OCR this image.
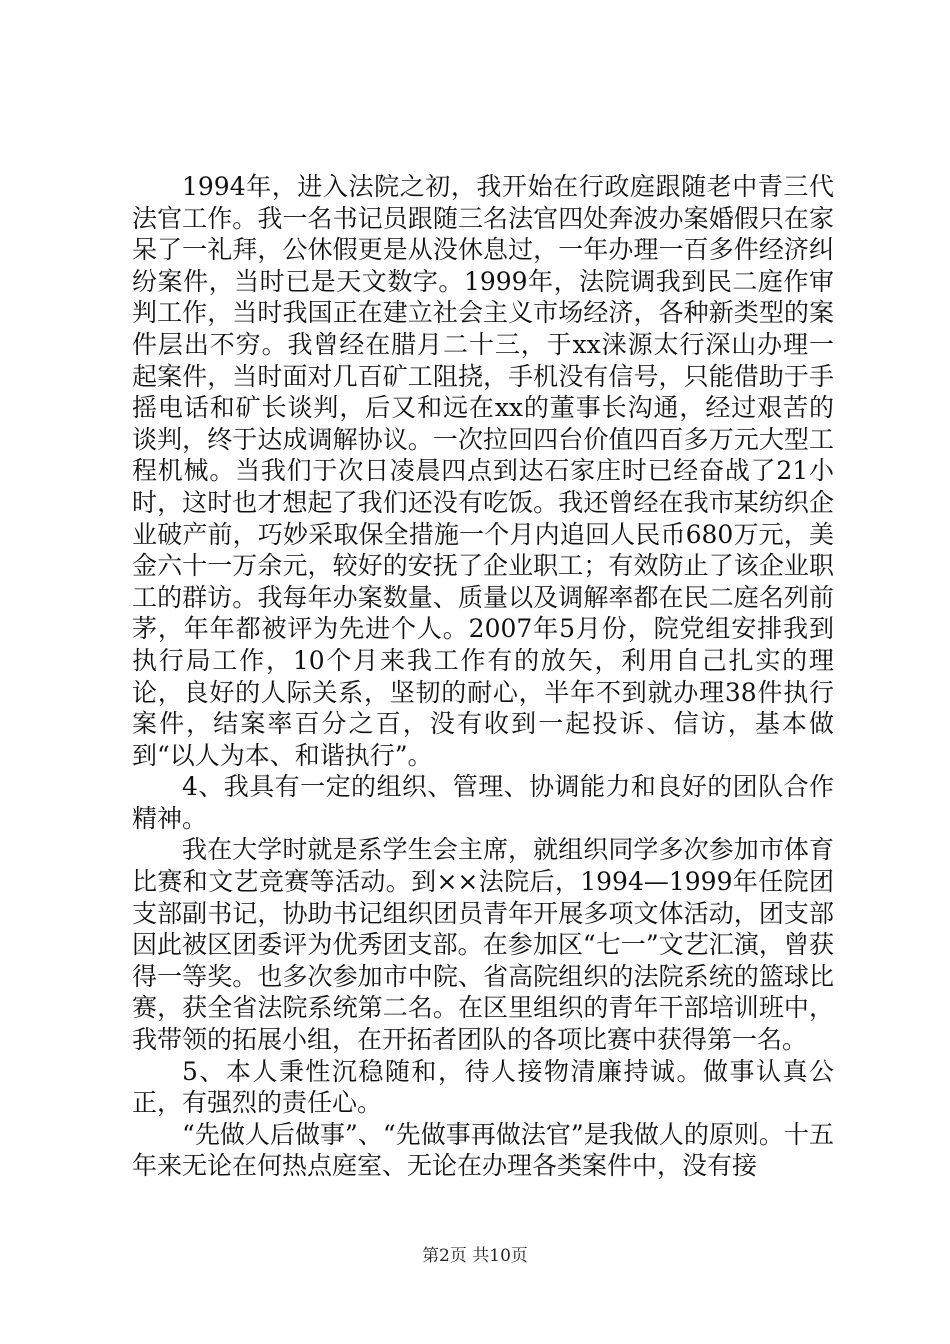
1994年，进入法院之初，我开始在行政庭跟随老中青三代法官工作。我一名书记员跟随三名法官四处奔波办案婚假只在家呆了一礼拜，公休假更是从没休息过，一年办理一百多件经济纠纷案件，当时已是天文数字。1999年，法院调我到民二庭作审判工作，当时我国正在建立社会主义市场经济，各种新类型的案件层出不穷。我曾经在腊月二十三，于xx涞源太行深山办理一起案件，当时面对几百矿工阻挠，手机没有信号，只能借助于手摇电话和矿长谈判，后又和远在xx的董事长沟通，经过艰苦的谈判，终于达成调解协议。一次拉回四台价值四百多万元大型工程机械。当我们于次日凌晨四点到达石家庄时已经奋战了21小时，这时也才想起了我们还没有吃饭。我还曾经在我市某纺织企业破产前，巧妙采取保全措施一个月内追回人民币680万元，美金六十一万余元，较好的安抚了企业职工；有效防止了该企业职工的群访。我每年办案数量、质量以及调解率都在民二庭名列前茅，年年都被评为先进个人。2007年5月份，院党组安排我到执行局工作，10个月来我工作有的放矢，利用自己扎实的理论，良好的人际关系，坚韧的耐心，半年不到就办理38件执行案件，结案率百分之百，没有收到一起投诉、信访，基本做到“以人为本、和谐执行”。

4、我具有一定的组织、管理、协调能力和良好的团队合作精神。

我在大学时就是系学生会主席，就组织同学多次参加市体育比赛和文艺竞赛等活动。到××法院后，1994—1999年任院团支部副书记，协助书记组织团员青年开展多项文体活动，团支部因此被区团委评为优秀团支部。在参加区“七一”文艺汇演，曾获得一等奖。也多次参加市中院、省高院组织的法院系统的篮球比赛，获全省法院系统第二名。在区里组织的青年干部培训班中，我带领的拓展小组，在开拓者团队的各项比赛中获得第一名。

5、本人秉性沉稳随和，待人接物清廉持诚。做事认真公正，有强烈的责任心。

“先做人后做事”、“先做事再做法官”是我做人的原则。十五年来无论在何热点庭室、无论在办理各类案件中，没有接

第2页 共10页
